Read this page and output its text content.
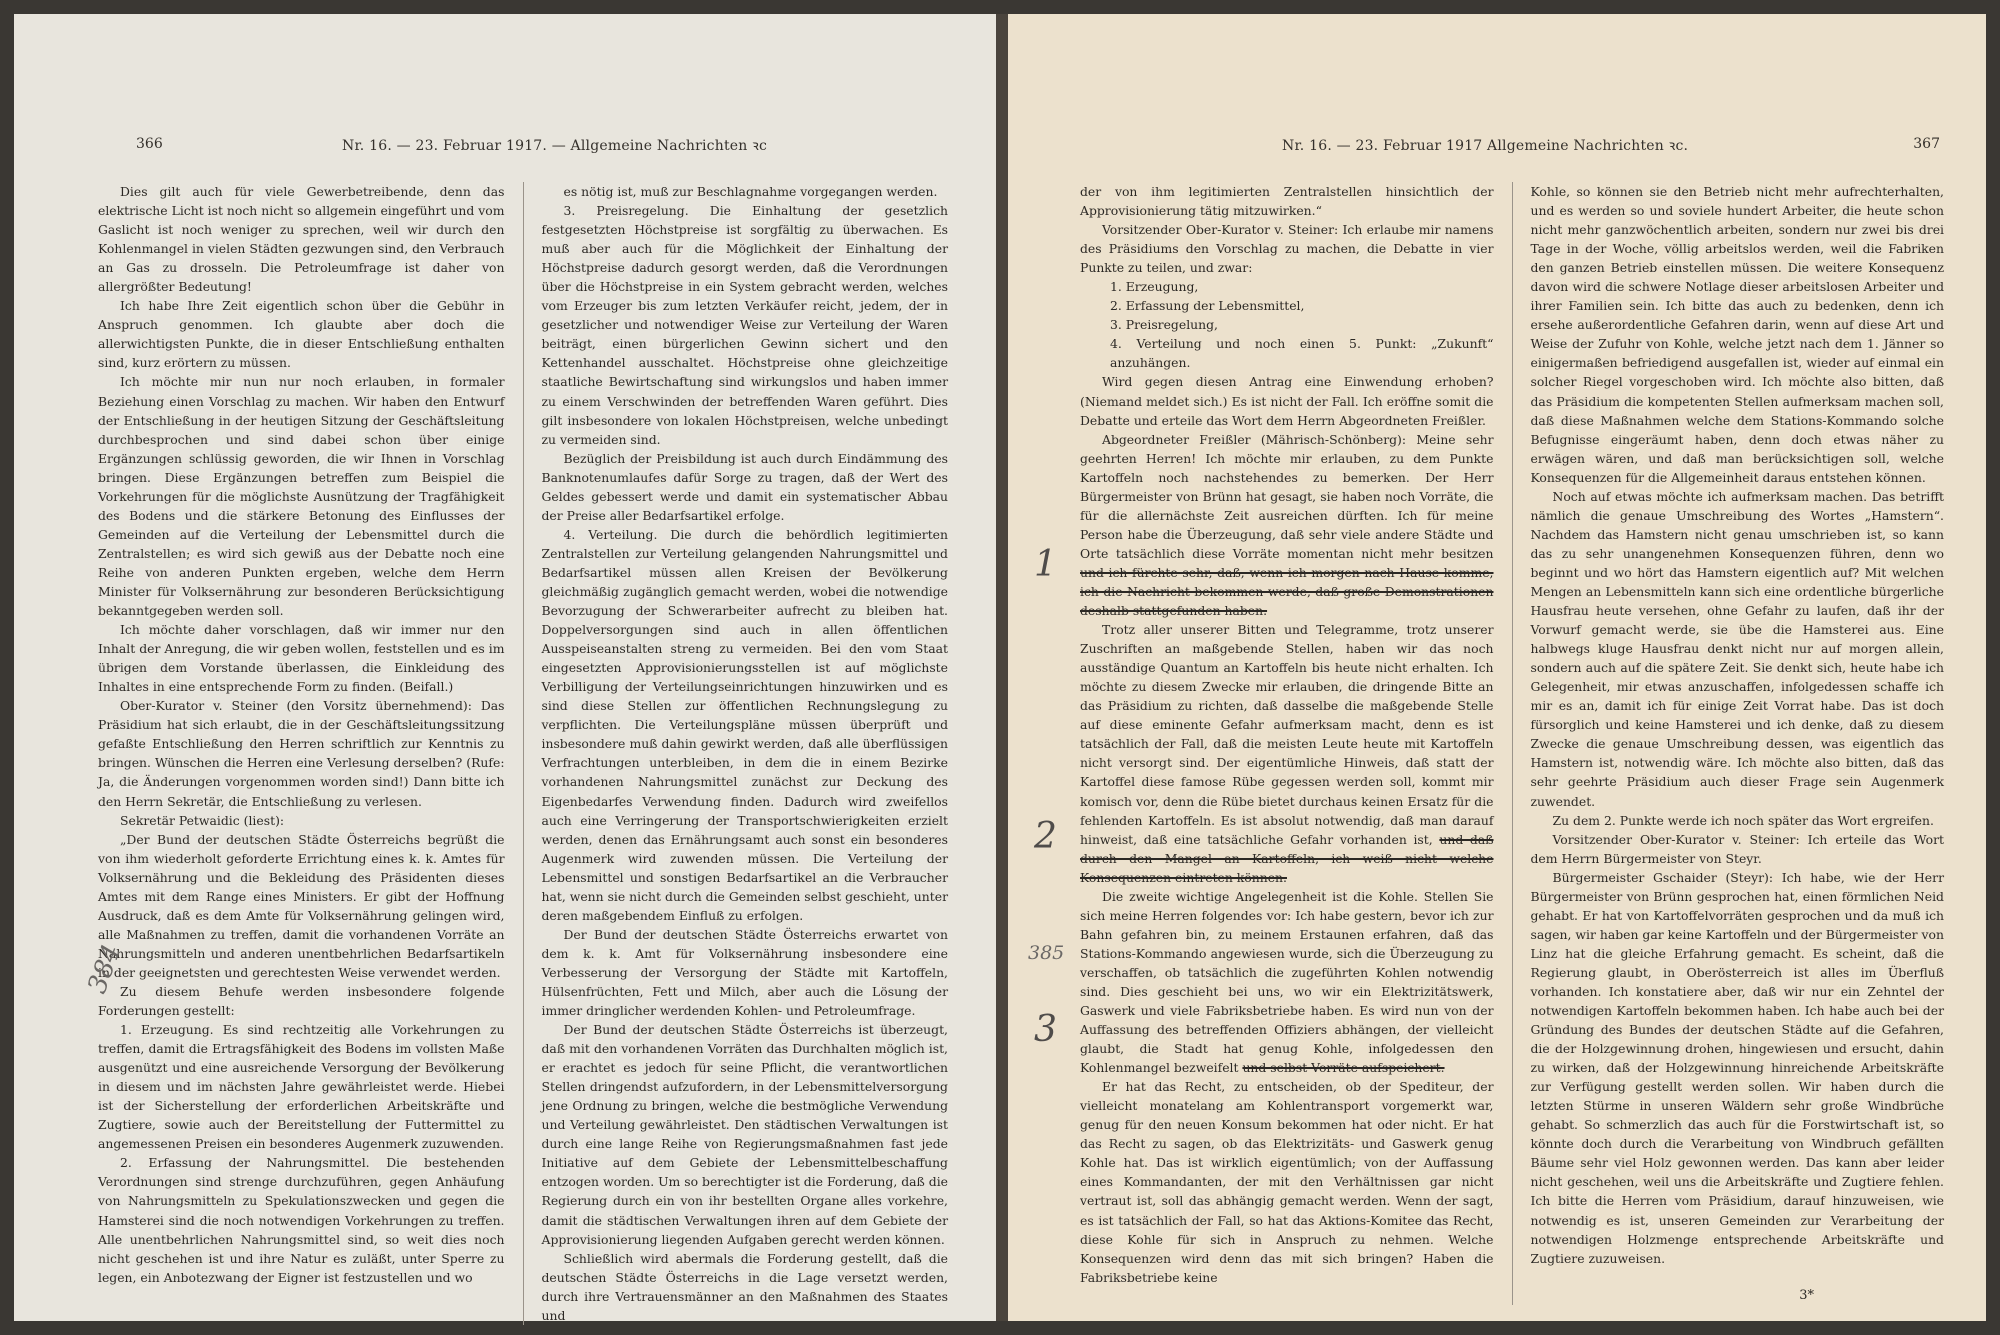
366	Nr. 16. — 23. Februar 1917. — Allgemeine Nachrichten ꝛc

Dies gilt auch für viele Gewerbetreibende, denn das elektrische Licht ist noch nicht so allgemein eingeführt und vom Gaslicht ist noch weniger zu sprechen, weil wir durch den Kohlenmangel in vielen Städten gezwungen sind, den Verbrauch an Gas zu drosseln. Die Petroleumfrage ist daher von allergrößter Bedeutung!

Ich habe Ihre Zeit eigentlich schon über die Gebühr in Anspruch genommen. Ich glaubte aber doch die allerwichtigsten Punkte, die in dieser Entschließung enthalten sind, kurz erörtern zu müssen.

Ich möchte mir nun nur noch erlauben, in formaler Beziehung einen Vorschlag zu machen. Wir haben den Entwurf der Entschließung in der heutigen Sitzung der Geschäftsleitung durchbesprochen und sind dabei schon über einige Ergänzungen schlüssig geworden, die wir Ihnen in Vorschlag bringen. Diese Ergänzungen betreffen zum Beispiel die Vorkehrungen für die möglichste Ausnützung der Tragfähigkeit des Bodens und die stärkere Betonung des Einflusses der Gemeinden auf die Verteilung der Lebensmittel durch die Zentralstellen; es wird sich gewiß aus der Debatte noch eine Reihe von anderen Punkten ergeben, welche dem Herrn Minister für Volksernährung zur besonderen Berücksichtigung bekanntgegeben werden soll.

Ich möchte daher vorschlagen, daß wir immer nur den Inhalt der Anregung, die wir geben wollen, feststellen und es im übrigen dem Vorstande überlassen, die Einkleidung des Inhaltes in eine entsprechende Form zu finden. (Beifall.)

Ober-Kurator v. Steiner (den Vorsitz übernehmend): Das Präsidium hat sich erlaubt, die in der Geschäftsleitungssitzung gefaßte Entschließung den Herren schriftlich zur Kenntnis zu bringen. Wünschen die Herren eine Verlesung derselben? (Rufe: Ja, die Änderungen vorgenommen worden sind!) Dann bitte ich den Herrn Sekretär, die Entschließung zu verlesen.

Sekretär Petwaidic (liest):

„Der Bund der deutschen Städte Österreichs begrüßt die von ihm wiederholt geforderte Errichtung eines k. k. Amtes für Volksernährung und die Bekleidung des Präsidenten dieses Amtes mit dem Range eines Ministers. Er gibt der Hoffnung Ausdruck, daß es dem Amte für Volksernährung gelingen wird, alle Maßnahmen zu treffen, damit die vorhandenen Vorräte an Nahrungsmitteln und anderen unentbehrlichen Bedarfsartikeln in der geeignetsten und gerechtesten Weise verwendet werden.

Zu diesem Behufe werden insbesondere folgende Forderungen gestellt:

1. Erzeugung. Es sind rechtzeitig alle Vorkehrungen zu treffen, damit die Ertragsfähigkeit des Bodens im vollsten Maße ausgenützt und eine ausreichende Versorgung der Bevölkerung in diesem und im nächsten Jahre gewährleistet werde. Hiebei ist der Sicherstellung der erforderlichen Arbeitskräfte und Zugtiere, sowie auch der Bereitstellung der Futtermittel zu angemessenen Preisen ein besonderes Augenmerk zuzuwenden.

2. Erfassung der Nahrungsmittel. Die bestehenden Verordnungen sind strenge durchzuführen, gegen Anhäufung von Nahrungsmitteln zu Spekulationszwecken und gegen die Hamsterei sind die noch notwendigen Vorkehrungen zu treffen. Alle unentbehrlichen Nahrungsmittel sind, so weit dies noch nicht geschehen ist und ihre Natur es zuläßt, unter Sperre zu legen, ein Anbotezwang der Eigner ist festzustellen und wo

es nötig ist, muß zur Beschlagnahme vorgegangen werden.

3. Preisregelung. Die Einhaltung der gesetzlich festgesetzten Höchstpreise ist sorgfältig zu überwachen. Es muß aber auch für die Möglichkeit der Einhaltung der Höchstpreise dadurch gesorgt werden, daß die Verordnungen über die Höchstpreise in ein System gebracht werden, welches vom Erzeuger bis zum letzten Verkäufer reicht, jedem, der in gesetzlicher und notwendiger Weise zur Verteilung der Waren beiträgt, einen bürgerlichen Gewinn sichert und den Kettenhandel ausschaltet. Höchstpreise ohne gleichzeitige staatliche Bewirtschaftung sind wirkungslos und haben immer zu einem Verschwinden der betreffenden Waren geführt. Dies gilt insbesondere von lokalen Höchstpreisen, welche unbedingt zu vermeiden sind.

Bezüglich der Preisbildung ist auch durch Eindämmung des Banknotenumlaufes dafür Sorge zu tragen, daß der Wert des Geldes gebessert werde und damit ein systematischer Abbau der Preise aller Bedarfsartikel erfolge.

4. Verteilung. Die durch die behördlich legitimierten Zentralstellen zur Verteilung gelangenden Nahrungsmittel und Bedarfsartikel müssen allen Kreisen der Bevölkerung gleichmäßig zugänglich gemacht werden, wobei die notwendige Bevorzugung der Schwerarbeiter aufrecht zu bleiben hat. Doppelversorgungen sind auch in allen öffentlichen Ausspeiseanstalten streng zu vermeiden. Bei den vom Staat eingesetzten Approvisionierungsstellen ist auf möglichste Verbilligung der Verteilungseinrichtungen hinzuwirken und es sind diese Stellen zur öffentlichen Rechnungslegung zu verpflichten. Die Verteilungspläne müssen überprüft und insbesondere muß dahin gewirkt werden, daß alle überflüssigen Verfrachtungen unterbleiben, in dem die in einem Bezirke vorhandenen Nahrungsmittel zunächst zur Deckung des Eigenbedarfes Verwendung finden. Dadurch wird zweifellos auch eine Verringerung der Transportschwierigkeiten erzielt werden, denen das Ernährungsamt auch sonst ein besonderes Augenmerk wird zuwenden müssen. Die Verteilung der Lebensmittel und sonstigen Bedarfsartikel an die Verbraucher hat, wenn sie nicht durch die Gemeinden selbst geschieht, unter deren maßgebendem Einfluß zu erfolgen.

Der Bund der deutschen Städte Österreichs erwartet von dem k. k. Amt für Volksernährung insbesondere eine Verbesserung der Versorgung der Städte mit Kartoffeln, Hülsenfrüchten, Fett und Milch, aber auch die Lösung der immer dringlicher werdenden Kohlen- und Petroleumfrage.

Der Bund der deutschen Städte Österreichs ist überzeugt, daß mit den vorhandenen Vorräten das Durchhalten möglich ist, er erachtet es jedoch für seine Pflicht, die verantwortlichen Stellen dringendst aufzufordern, in der Lebensmittelversorgung jene Ordnung zu bringen, welche die bestmögliche Verwendung und Verteilung gewährleistet. Den städtischen Verwaltungen ist durch eine lange Reihe von Regierungsmaßnahmen fast jede Initiative auf dem Gebiete der Lebensmittelbeschaffung entzogen worden. Um so berechtigter ist die Forderung, daß die Regierung durch ein von ihr bestellten Organe alles vorkehre, damit die städtischen Verwaltungen ihren auf dem Gebiete der Approvisionierung liegenden Aufgaben gerecht werden können.

Schließlich wird abermals die Forderung gestellt, daß die deutschen Städte Österreichs in die Lage versetzt werden, durch ihre Vertrauensmänner an den Maßnahmen des Staates und

384
Nr. 16. — 23. Februar 1917 Allgemeine Nachrichten ꝛc.	367

der von ihm legitimierten Zentralstellen hinsichtlich der Approvisionierung tätig mitzuwirken.“

Vorsitzender Ober-Kurator v. Steiner: Ich erlaube mir namens des Präsidiums den Vorschlag zu machen, die Debatte in vier Punkte zu teilen, und zwar:

1. Erzeugung,

2. Erfassung der Lebensmittel,

3. Preisregelung,

4. Verteilung und noch einen 5. Punkt: „Zukunft“ anzuhängen.

Wird gegen diesen Antrag eine Einwendung erhoben? (Niemand meldet sich.) Es ist nicht der Fall. Ich eröffne somit die Debatte und erteile das Wort dem Herrn Abgeordneten Freißler.

Abgeordneter Freißler (Mährisch-Schönberg): Meine sehr geehrten Herren! Ich möchte mir erlauben, zu dem Punkte Kartoffeln noch nachstehendes zu bemerken. Der Herr Bürgermeister von Brünn hat gesagt, sie haben noch Vorräte, die für die allernächste Zeit ausreichen dürften. Ich für meine Person habe die Überzeugung, daß sehr viele andere Städte und Orte tatsächlich diese Vorräte momentan nicht mehr besitzen und ich fürchte sehr, daß, wenn ich morgen nach Hause komme, ich die Nachricht bekommen werde, daß große Demonstrationen deshalb stattgefunden haben.

Trotz aller unserer Bitten und Telegramme, trotz unserer Zuschriften an maßgebende Stellen, haben wir das noch ausständige Quantum an Kartoffeln bis heute nicht erhalten. Ich möchte zu diesem Zwecke mir erlauben, die dringende Bitte an das Präsidium zu richten, daß dasselbe die maßgebende Stelle auf diese eminente Gefahr aufmerksam macht, denn es ist tatsächlich der Fall, daß die meisten Leute heute mit Kartoffeln nicht versorgt sind. Der eigentümliche Hinweis, daß statt der Kartoffel diese famose Rübe gegessen werden soll, kommt mir komisch vor, denn die Rübe bietet durchaus keinen Ersatz für die fehlenden Kartoffeln. Es ist absolut notwendig, daß man darauf hinweist, daß eine tatsächliche Gefahr vorhanden ist, und daß durch den Mangel an Kartoffeln, ich weiß nicht welche Konsequenzen eintreten können.

Die zweite wichtige Angelegenheit ist die Kohle. Stellen Sie sich meine Herren folgendes vor: Ich habe gestern, bevor ich zur Bahn gefahren bin, zu meinem Erstaunen erfahren, daß das Stations-Kommando angewiesen wurde, sich die Überzeugung zu verschaffen, ob tatsächlich die zugeführten Kohlen notwendig sind. Dies geschieht bei uns, wo wir ein Elektrizitätswerk, Gaswerk und viele Fabriksbetriebe haben. Es wird nun von der Auffassung des betreffenden Offiziers abhängen, der vielleicht glaubt, die Stadt hat genug Kohle, infolgedessen den Kohlenmangel bezweifelt und selbst Vorräte aufspeichert.

Er hat das Recht, zu entscheiden, ob der Spediteur, der vielleicht monatelang am Kohlentransport vorgemerkt war, genug für den neuen Konsum bekommen hat oder nicht. Er hat das Recht zu sagen, ob das Elektrizitäts- und Gaswerk genug Kohle hat. Das ist wirklich eigentümlich; von der Auffassung eines Kommandanten, der mit den Verhältnissen gar nicht vertraut ist, soll das abhängig gemacht werden. Wenn der sagt, es ist tatsächlich der Fall, so hat das Aktions-Komitee das Recht, diese Kohle für sich in Anspruch zu nehmen. Welche Konsequenzen wird denn das mit sich bringen? Haben die Fabriksbetriebe keine

Kohle, so können sie den Betrieb nicht mehr aufrechterhalten, und es werden so und soviele hundert Arbeiter, die heute schon nicht mehr ganzwöchentlich arbeiten, sondern nur zwei bis drei Tage in der Woche, völlig arbeitslos werden, weil die Fabriken den ganzen Betrieb einstellen müssen. Die weitere Konsequenz davon wird die schwere Notlage dieser arbeitslosen Arbeiter und ihrer Familien sein. Ich bitte das auch zu bedenken, denn ich ersehe außerordentliche Gefahren darin, wenn auf diese Art und Weise der Zufuhr von Kohle, welche jetzt nach dem 1. Jänner so einigermaßen befriedigend ausgefallen ist, wieder auf einmal ein solcher Riegel vorgeschoben wird. Ich möchte also bitten, daß das Präsidium die kompetenten Stellen aufmerksam machen soll, daß diese Maßnahmen welche dem Stations-Kommando solche Befugnisse eingeräumt haben, denn doch etwas näher zu erwägen wären, und daß man berücksichtigen soll, welche Konsequenzen für die Allgemeinheit daraus entstehen können.

Noch auf etwas möchte ich aufmerksam machen. Das betrifft nämlich die genaue Umschreibung des Wortes „Hamstern“. Nachdem das Hamstern nicht genau umschrieben ist, so kann das zu sehr unangenehmen Konsequenzen führen, denn wo beginnt und wo hört das Hamstern eigentlich auf? Mit welchen Mengen an Lebensmitteln kann sich eine ordentliche bürgerliche Hausfrau heute versehen, ohne Gefahr zu laufen, daß ihr der Vorwurf gemacht werde, sie übe die Hamsterei aus. Eine halbwegs kluge Hausfrau denkt nicht nur auf morgen allein, sondern auch auf die spätere Zeit. Sie denkt sich, heute habe ich Gelegenheit, mir etwas anzuschaffen, infolgedessen schaffe ich mir es an, damit ich für einige Zeit Vorrat habe. Das ist doch fürsorglich und keine Hamsterei und ich denke, daß zu diesem Zwecke die genaue Umschreibung dessen, was eigentlich das Hamstern ist, notwendig wäre. Ich möchte also bitten, daß das sehr geehrte Präsidium auch dieser Frage sein Augenmerk zuwendet.

Zu dem 2. Punkte werde ich noch später das Wort ergreifen.

Vorsitzender Ober-Kurator v. Steiner: Ich erteile das Wort dem Herrn Bürgermeister von Steyr.

Bürgermeister Gschaider (Steyr): Ich habe, wie der Herr Bürgermeister von Brünn gesprochen hat, einen förmlichen Neid gehabt. Er hat von Kartoffelvorräten gesprochen und da muß ich sagen, wir haben gar keine Kartoffeln und der Bürgermeister von Linz hat die gleiche Erfahrung gemacht. Es scheint, daß die Regierung glaubt, in Oberösterreich ist alles im Überfluß vorhanden. Ich konstatiere aber, daß wir nur ein Zehntel der notwendigen Kartoffeln bekommen haben. Ich habe auch bei der Gründung des Bundes der deutschen Städte auf die Gefahren, die der Holzgewinnung drohen, hingewiesen und ersucht, dahin zu wirken, daß der Holzgewinnung hinreichende Arbeitskräfte zur Verfügung gestellt werden sollen. Wir haben durch die letzten Stürme in unseren Wäldern sehr große Windbrüche gehabt. So schmerzlich das auch für die Forstwirtschaft ist, so könnte doch durch die Verarbeitung von Windbruch gefällten Bäume sehr viel Holz gewonnen werden. Das kann aber leider nicht geschehen, weil uns die Arbeitskräfte und Zugtiere fehlen. Ich bitte die Herren vom Präsidium, darauf hinzuweisen, wie notwendig es ist, unseren Gemeinden zur Verarbeitung der notwendigen Holzmenge entsprechende Arbeitskräfte und Zugtiere zuzuweisen.

3*
1
2
3
385
